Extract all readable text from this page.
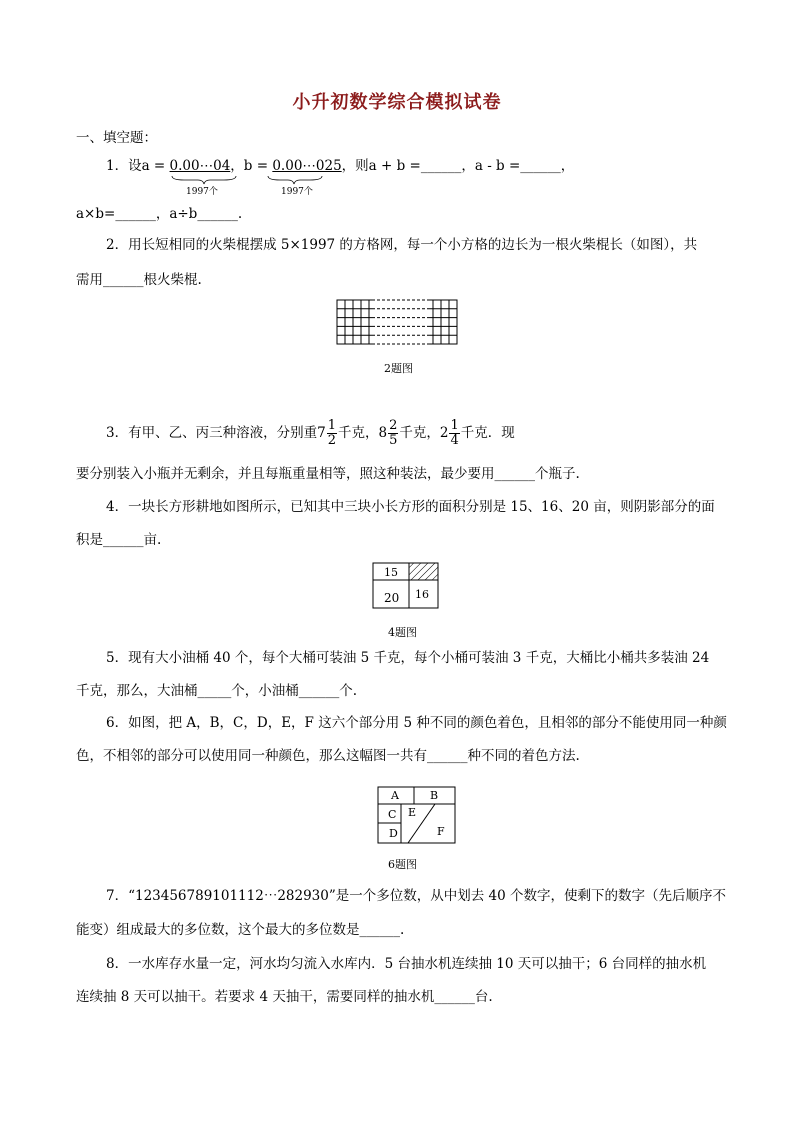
小升初数学综合模拟试卷
一、填空题：
1．设a = 0.00⋯04，b = 0.00⋯025，则a + b =______，a - b =______，
1997个	1997个
a×b=______，a÷b______.
2．用长短相同的火柴棍摆成 5×1997 的方格网，每一个小方格的边长为一根火柴棍长（如图），共
需用______根火柴棍.
2题图
3．有甲、乙、丙三种溶液，分别重$7 \frac{1}{2}$ 千克，$8 \frac{2}{5}$ 千克，$2 \frac{1}{4}$ 千克．现
要分别装入小瓶并无剩余，并且每瓶重量相等，照这种装法，最少要用______个瓶子.
4．一块长方形耕地如图所示，已知其中三块小长方形的面积分别是 15、16、20 亩，则阴影部分的面
积是______亩.
15
20 16
4题图
5．现有大小油桶 40 个，每个大桶可装油 5 千克，每个小桶可装油 3 千克，大桶比小桶共多装油 24
千克，那么，大油桶_____个，小油桶______个.
6．如图，把 A，B，C，D，E，F 这六个部分用 5 种不同的颜色着色，且相邻的部分不能使用同一种颜
色，不相邻的部分可以使用同一种颜色，那么这幅图一共有______种不同的着色方法.
A	B
C
D
E
F
6题图
7．“123456789101112⋯282930”是一个多位数，从中划去 40 个数字，使剩下的数字（先后顺序不
能变）组成最大的多位数，这个最大的多位数是______.
8．一水库存水量一定，河水均匀流入水库内．5 台抽水机连续抽 10 天可以抽干；6 台同样的抽水机
连续抽 8 天可以抽干。若要求 4 天抽干，需要同样的抽水机______台.
